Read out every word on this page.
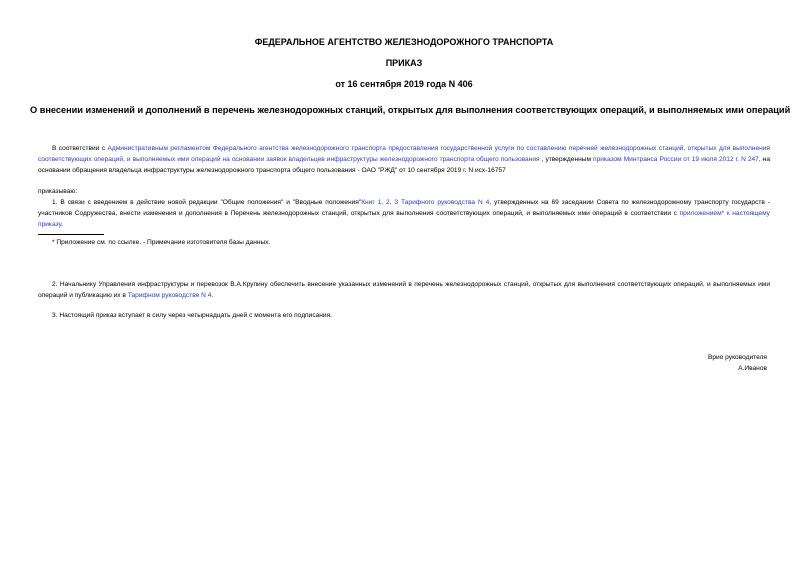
ФЕДЕРАЛЬНОЕ АГЕНТСТВО ЖЕЛЕЗНОДОРОЖНОГО ТРАНСПОРТА
ПРИКАЗ
от 16 сентября 2019 года N 406
О внесении изменений и дополнений в перечень железнодорожных станций, открытых для выполнения соответствующих операций, и выполняемых ими операций
В соответствии с Административным регламентом Федерального агентства железнодорожного транспорта предоставления государственной услуги по составлению перечней железнодорожных станций, открытых для выполнения соответствующих операций, и выполняемых ими операций на основании заявок владельцев инфраструктуры железнодорожного транспорта общего пользования , утвержденным приказом Минтранса России от 19 июля 2012 г. N 247, на основании обращения владельца инфраструктуры железнодорожного транспорта общего пользования - ОАО "РЖД" от 10 сентября 2019 г. N исх-16757
приказываю:
1. В связи с введением в действие новой редакции "Общие положения" и "Вводные положения"Книг 1, 2, 3 Тарифного руководства N 4, утвержденных на 69 заседании Совета по железнодорожному транспорту государств - участников Содружества, внести изменения и дополнения в Перечень железнодорожных станций, открытых для выполнения соответствующих операций, и выполняемых ими операций в соответствии с приложением* к настоящему приказу.
* Приложение см. по ссылке. - Примечание изготовителя базы данных.
2. Начальнику Управления инфраструктуры и перевозок В.А.Крупину обеспечить внесение указанных изменений в перечень железнодорожных станций, открытых для выполнения соответствующих операций, и выполняемых ими операций и публикацию их в Тарифном руководстве N 4.
3. Настоящий приказ вступает в силу через четырнадцать дней с момента его подписания.
Врио руководителя
А.Иванов
